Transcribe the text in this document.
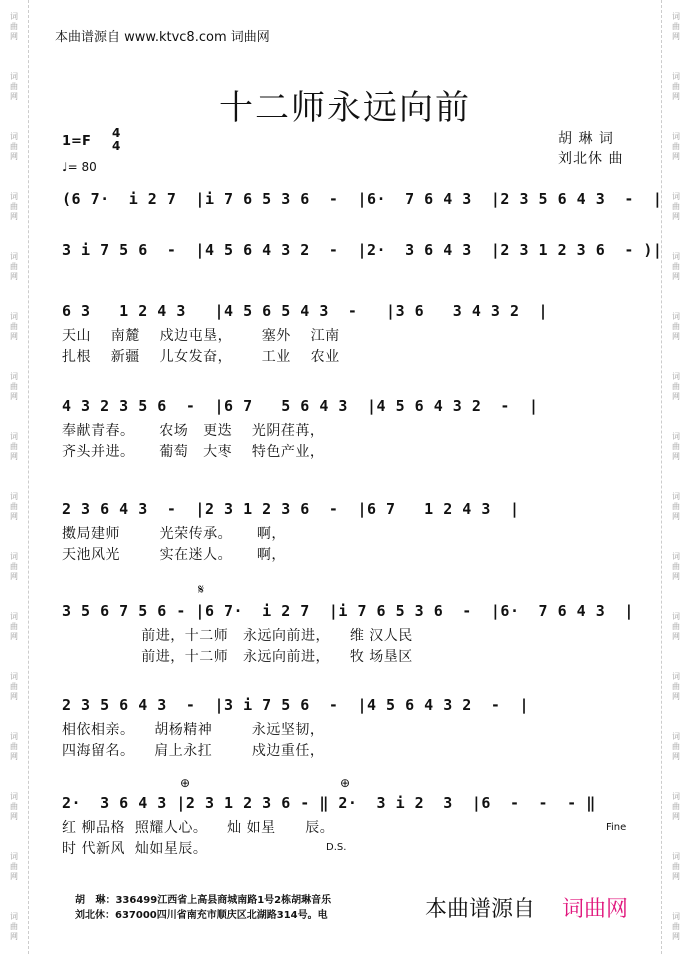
词
曲
网
词
曲
网
词
曲
网
词
曲
网
词
曲
网
词
曲
网
词
曲
网
词
曲
网
词
曲
网
词
曲
网
词
曲
网
词
曲
网
词
曲
网
词
曲
网
词
曲
网
词
曲
网
词
曲
网
词
曲
网
词
曲
网
词
曲
网
词
曲
网
词
曲
网
词
曲
网
词
曲
网
词
曲
网
词
曲
网
词
曲
网
词
曲
网
词
曲
网
词
曲
网
词
曲
网
词
曲
网
本曲谱源自 www.ktvc8.com 词曲网
十二师永远向前
1=F
4
4
♩= 80
胡 琳 词
刘北休 曲
(6 7·  i 2 7  |i 7 6 5 3 6  -  |6·  7 6 4 3  |2 3 5 6 4 3  -  |
3 i 7 5 6  -  |4 5 6 4 3 2  -  |2·  3 6 4 3  |2 3 1 2 3 6  - )|
6 3   1 2 4 3   |4 5 6 5 4 3  -   |3 6   3 4 3 2  |
天山    南麓    戍边屯垦，      塞外    江南
扎根    新疆    儿女发奋，      工业    农业
4 3 2 3 5 6  -  |6 7   5 6 4 3  |4 5 6 4 3 2  -  |
奉献青春。     农场   更迭    光阴荏苒，
齐头并进。     葡萄   大枣    特色产业，
2 3 6 4 3  -  |2 3 1 2 3 6  -  |6 7   1 2 4 3  |
擞局建师        光荣传承。     啊，
天池风光        实在迷人。     啊，
𝄋
3 5 6 7 5 6 - |6 7·  i 2 7  |i 7 6 5 3 6  -  |6·  7 6 4 3  |
前进，十二师   永远向前进，    维 汉人民
前进，十二师   永远向前进，    牧 场垦区
2 3 5 6 4 3  -  |3 i 7 5 6  -  |4 5 6 4 3 2  -  |
相依相亲。    胡杨精神        永远坚韧，
四海留名。    肩上永扛        戍边重任，
⊕	⊕
2·  3 6 4 3 |2 3 1 2 3 6 - ‖ 2·  3 i 2  3  |6  -  -  - ‖
红 柳品格  照耀人心。    灿 如星      辰。
时 代新风  灿如星辰。	D.S.
Fine
胡   琳：336499江西省上高县商城南路1号2栋胡琳音乐
刘北休：637000四川省南充市顺庆区北湖路314号。电	本曲谱源自 词曲网
